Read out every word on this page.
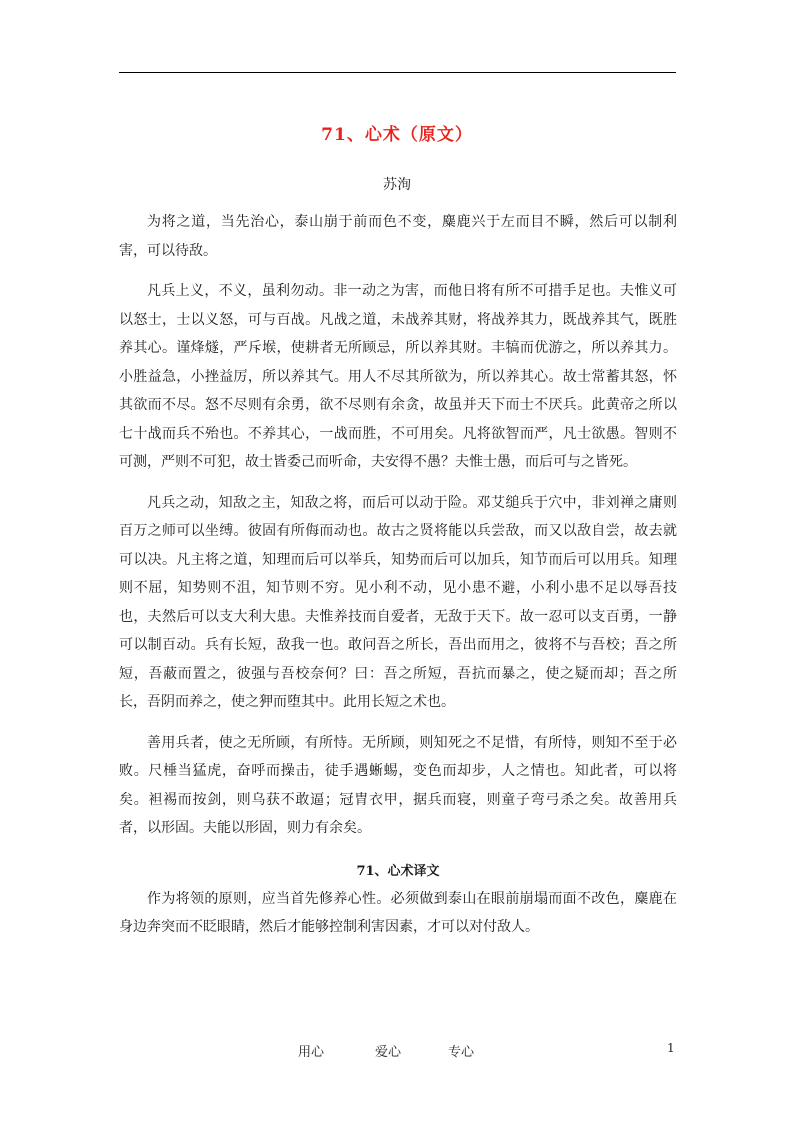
71、心术（原文）
苏洵

为将之道，当先治心，泰山崩于前而色不变，麋鹿兴于左而目不瞬，然后可以制利害，可以待敌。

凡兵上义，不义，虽利勿动。非一动之为害，而他日将有所不可措手足也。夫惟义可以怒士，士以义怒，可与百战。凡战之道，未战养其财，将战养其力，既战养其气，既胜养其心。谨烽燧，严斥堠，使耕者无所顾忌，所以养其财。丰犒而优游之，所以养其力。小胜益急，小挫益厉，所以养其气。用人不尽其所欲为，所以养其心。故士常蓄其怒，怀其欲而不尽。怒不尽则有余勇，欲不尽则有余贪，故虽并天下而士不厌兵。此黄帝之所以七十战而兵不殆也。不养其心，一战而胜，不可用矣。凡将欲智而严，凡士欲愚。智则不可测，严则不可犯，故士皆委己而听命，夫安得不愚？夫惟士愚，而后可与之皆死。

凡兵之动，知敌之主，知敌之将，而后可以动于险。邓艾缒兵于穴中，非刘禅之庸则百万之师可以坐缚。彼固有所侮而动也。故古之贤将能以兵尝敌，而又以敌自尝，故去就可以决。凡主将之道，知理而后可以举兵，知势而后可以加兵，知节而后可以用兵。知理则不屈，知势则不沮，知节则不穷。见小利不动，见小患不避，小利小患不足以辱吾技也，夫然后可以支大利大患。夫惟养技而自爱者，无敌于天下。故一忍可以支百勇，一静可以制百动。兵有长短，敌我一也。敢问吾之所长，吾出而用之，彼将不与吾校；吾之所短，吾蔽而置之，彼强与吾校奈何？曰：吾之所短，吾抗而暴之，使之疑而却；吾之所长，吾阴而养之，使之狎而堕其中。此用长短之术也。

善用兵者，使之无所顾，有所恃。无所顾，则知死之不足惜，有所恃，则知不至于必败。尺棰当猛虎，奋呼而操击，徒手遇蜥蜴，变色而却步，人之情也。知此者，可以将矣。袒裼而按剑，则乌获不敢逼；冠胄衣甲，据兵而寝，则童子弯弓杀之矣。故善用兵者，以形固。夫能以形固，则力有余矣。

71、心术译文

作为将领的原则，应当首先修养心性。必须做到泰山在眼前崩塌而面不改色，麋鹿在身边奔突而不眨眼睛，然后才能够控制利害因素，才可以对付敌人。

用心	爱心	专心	1
